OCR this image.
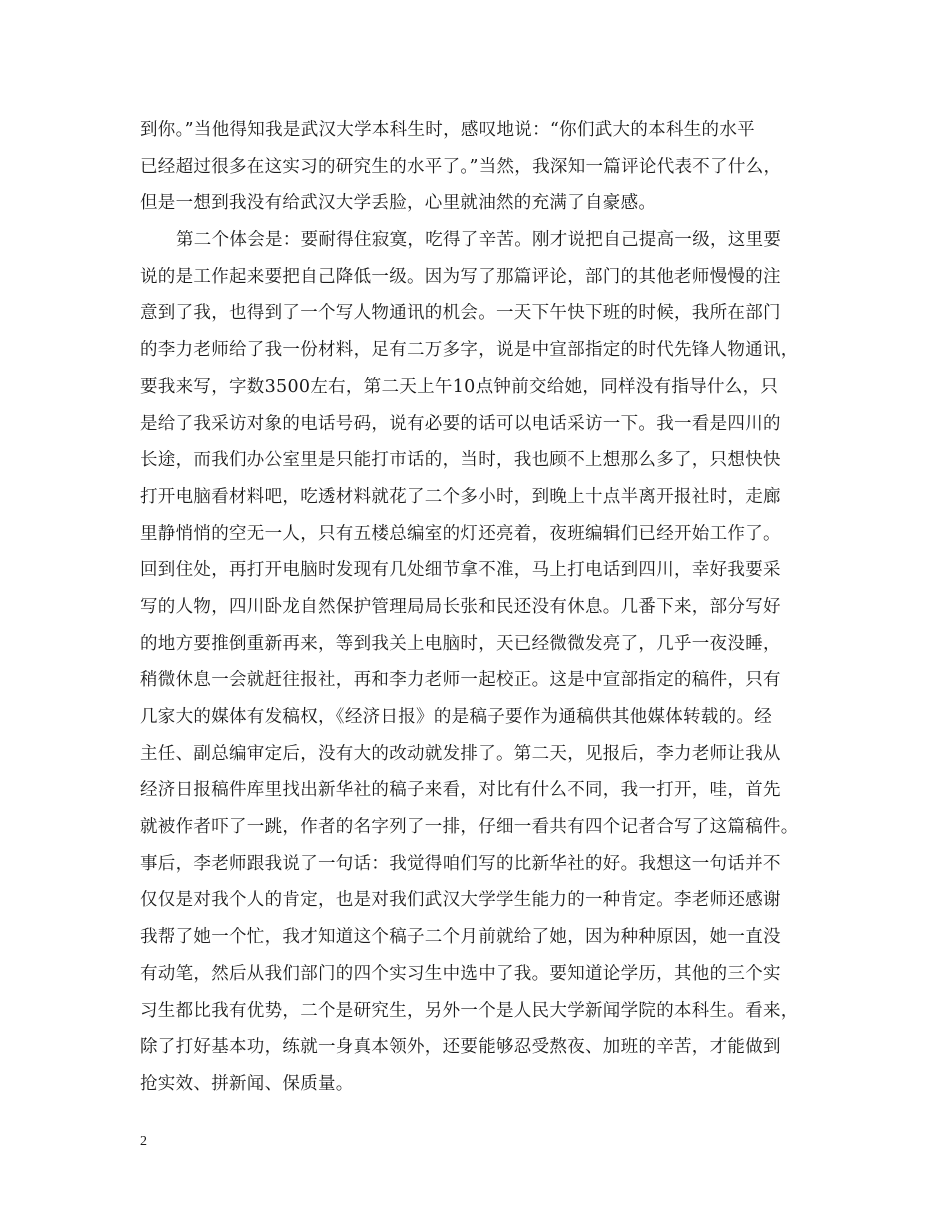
到你。”当他得知我是武汉大学本科生时，感叹地说：“你们武大的本科生的水平
已经超过很多在这实习的研究生的水平了。”当然，我深知一篇评论代表不了什么，
但是一想到我没有给武汉大学丢脸，心里就油然的充满了自豪感。
第二个体会是：要耐得住寂寞，吃得了辛苦。刚才说把自己提高一级，这里要
说的是工作起来要把自己降低一级。因为写了那篇评论，部门的其他老师慢慢的注
意到了我，也得到了一个写人物通讯的机会。一天下午快下班的时候，我所在部门
的李力老师给了我一份材料，足有二万多字，说是中宣部指定的时代先锋人物通讯，
要我来写，字数3500左右，第二天上午10点钟前交给她，同样没有指导什么，只
是给了我采访对象的电话号码，说有必要的话可以电话采访一下。我一看是四川的
长途，而我们办公室里是只能打市话的，当时，我也顾不上想那么多了，只想快快
打开电脑看材料吧，吃透材料就花了二个多小时，到晚上十点半离开报社时，走廊
里静悄悄的空无一人，只有五楼总编室的灯还亮着，夜班编辑们已经开始工作了。
回到住处，再打开电脑时发现有几处细节拿不准，马上打电话到四川，幸好我要采
写的人物，四川卧龙自然保护管理局局长张和民还没有休息。几番下来，部分写好
的地方要推倒重新再来，等到我关上电脑时，天已经微微发亮了，几乎一夜没睡，
稍微休息一会就赶往报社，再和李力老师一起校正。这是中宣部指定的稿件，只有
几家大的媒体有发稿权，《经济日报》的是稿子要作为通稿供其他媒体转载的。经
主任、副总编审定后，没有大的改动就发排了。第二天，见报后，李力老师让我从
经济日报稿件库里找出新华社的稿子来看，对比有什么不同，我一打开，哇，首先
就被作者吓了一跳，作者的名字列了一排，仔细一看共有四个记者合写了这篇稿件。
事后，李老师跟我说了一句话：我觉得咱们写的比新华社的好。我想这一句话并不
仅仅是对我个人的肯定，也是对我们武汉大学学生能力的一种肯定。李老师还感谢
我帮了她一个忙，我才知道这个稿子二个月前就给了她，因为种种原因，她一直没
有动笔，然后从我们部门的四个实习生中选中了我。要知道论学历，其他的三个实
习生都比我有优势，二个是研究生，另外一个是人民大学新闻学院的本科生。看来，
除了打好基本功，练就一身真本领外，还要能够忍受熬夜、加班的辛苦，才能做到
抢实效、拼新闻、保质量。
2
